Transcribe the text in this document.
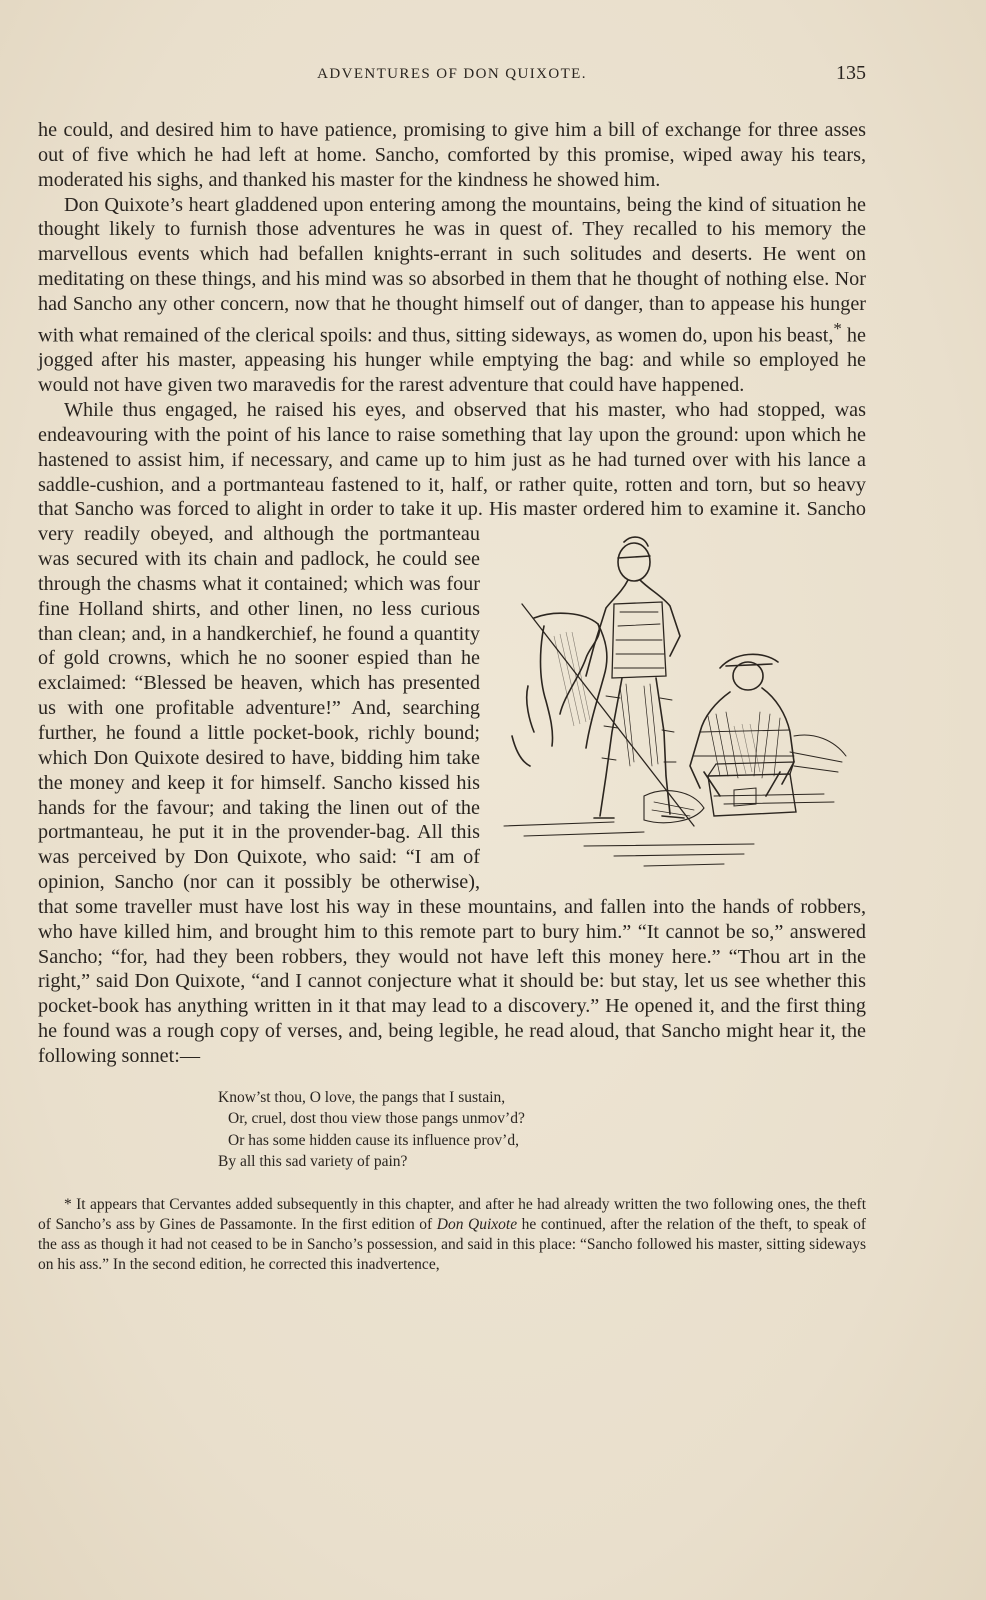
ADVENTURES OF DON QUIXOTE.	135

he could, and desired him to have patience, promising to give him a bill of exchange for three asses out of five which he had left at home. Sancho, comforted by this promise, wiped away his tears, moderated his sighs, and thanked his master for the kindness he showed him.

Don Quixote’s heart gladdened upon entering among the mountains, being the kind of situation he thought likely to furnish those adventures he was in quest of. They recalled to his memory the marvellous events which had befallen knights-errant in such solitudes and deserts. He went on meditating on these things, and his mind was so absorbed in them that he thought of nothing else. Nor had Sancho any other concern, now that he thought himself out of danger, than to appease his hunger with what remained of the clerical spoils: and thus, sitting sideways, as women do, upon his beast,* he jogged after his master, appeasing his hunger while emptying the bag: and while so employed he would not have given two maravedis for the rarest adventure that could have happened.

While thus engaged, he raised his eyes, and observed that his master, who had stopped, was endeavouring with the point of his lance to raise something that lay upon the ground: upon which he hastened to assist him, if necessary, and came up to him just as he had turned over with his lance a saddle-cushion, and a portmanteau fastened to it, half, or rather quite, rotten and torn, but so heavy that Sancho was forced to alight in order to take it up. His master ordered him
to examine it. Sancho very readily obeyed, and although the portmanteau was secured with its chain and padlock, he could see through the chasms what it contained; which was four fine Holland shirts, and other linen, no less curious than clean; and, in a handkerchief, he found a quantity of gold crowns, which he no sooner espied than he exclaimed: “Blessed be heaven, which has presented us with one profitable adventure!” And, searching further, he found a little pocket-book, richly bound; which Don Quixote desired to have, bidding him take the money and keep it for himself. Sancho kissed his hands for the favour; and taking the linen out of the portmanteau, he put it in the provender-bag. All this was perceived by Don Quixote, who said: “I am of opinion, Sancho (nor can it possibly be otherwise), that some traveller must have lost his way in these mountains, and fallen into the hands of robbers, who have killed him, and brought him to this remote part to bury him.” “It cannot be so,” answered Sancho; “for, had they been robbers, they would not have left this money here.” “Thou art in the right,” said Don Quixote, “and I cannot conjecture what it should be: but stay, let us see whether this pocket-book has anything written in it that may lead to a discovery.” He opened it, and the first thing he found was a rough copy of verses, and, being legible, he read aloud, that Sancho might hear it, the following sonnet:—

Know’st thou, O love, the pangs that I sustain,
Or, cruel, dost thou view those pangs unmov’d?
Or has some hidden cause its influence prov’d,
By all this sad variety of pain?

* It appears that Cervantes added subsequently in this chapter, and after he had already written the two following ones, the theft of Sancho’s ass by Gines de Passamonte. In the first edition of Don Quixote he continued, after the relation of the theft, to speak of the ass as though it had not ceased to be in Sancho’s possession, and said in this place: “Sancho followed his master, sitting sideways on his ass.” In the second edition, he corrected this inadvertence,
